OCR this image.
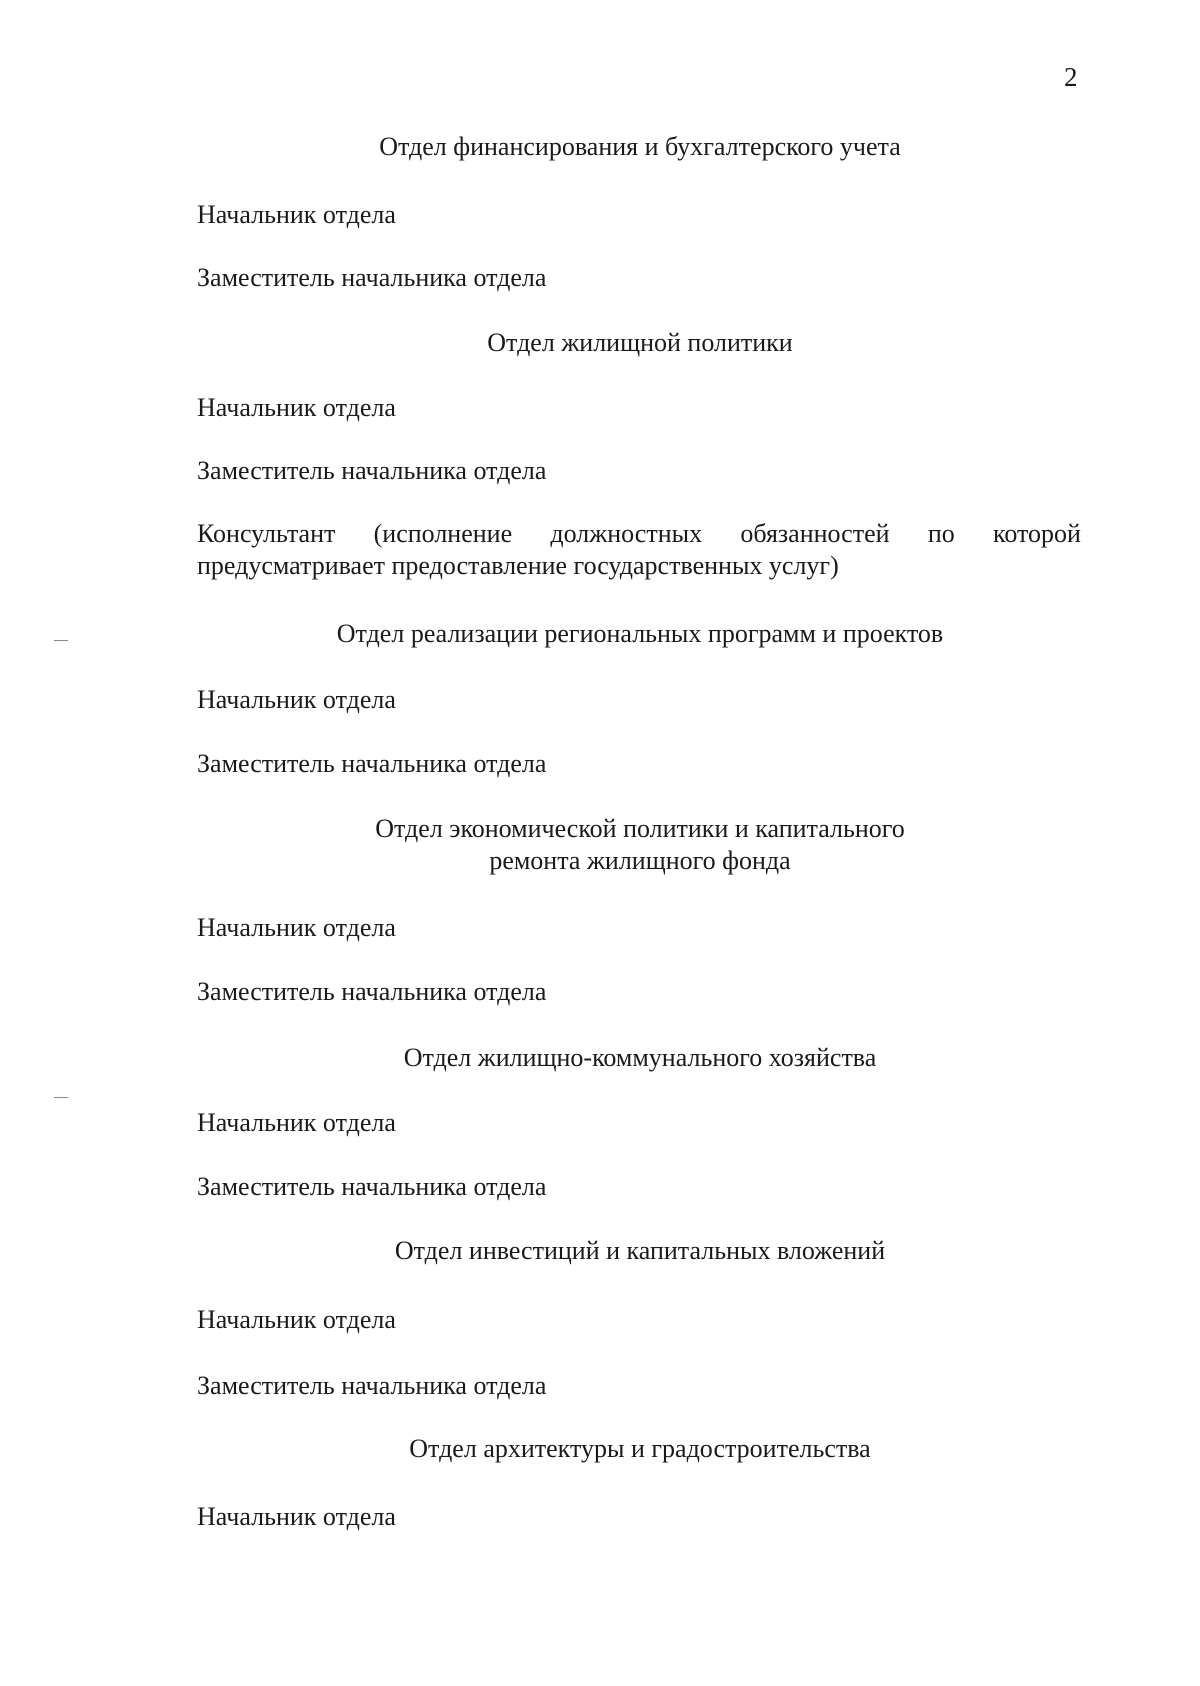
2
Отдел финансирования и бухгалтерского учета
Начальник отдела
Заместитель начальника отдела
Отдел жилищной политики
Начальник отдела
Заместитель начальника отдела
Консультант (исполнение должностных обязанностей по которой
предусматривает предоставление государственных услуг)
Отдел реализации региональных программ и проектов
Начальник отдела
Заместитель начальника отдела
Отдел экономической политики и капитального
ремонта жилищного фонда
Начальник отдела
Заместитель начальника отдела
Отдел жилищно-коммунального хозяйства
Начальник отдела
Заместитель начальника отдела
Отдел инвестиций и капитальных вложений
Начальник отдела
Заместитель начальника отдела
Отдел архитектуры и градостроительства
Начальник отдела
